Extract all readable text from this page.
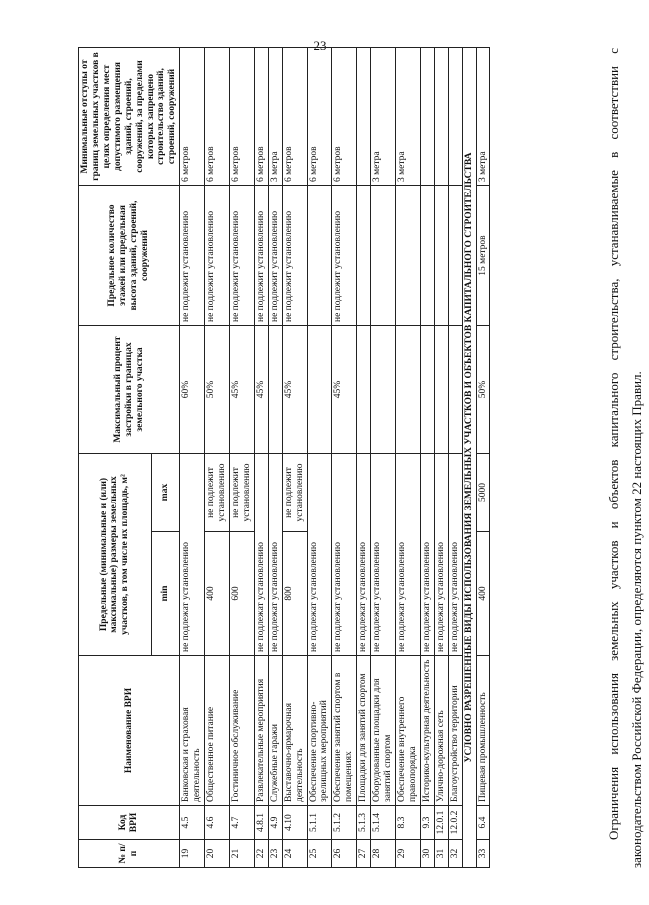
23
№ п/п	Код ВРИ	Наименование ВРИ	Предельные (минимальные и (или) максимальные) размеры земельных участков, в том числе их площадь, м²		Максимальный процент застройки в границах земельного участка	Предельное количество этажей или предельная высота зданий, строений, сооружений	Минимальные отступы от границ земельных участков в целях определения мест допустимого размещения зданий, строений, сооружений, за пределами которых запрещено строительство зданий, строений, сооружений
			min	max			
19	4.5	Банковская и страховая деятельность	не подлежат установлению		60%	не подлежит установлению	6 метров
20	4.6	Общественное питание	400	не подлежит установлению	50%	не подлежит установлению	6 метров
21	4.7	Гостиничное обслуживание	600	не подлежит установлению	45%	не подлежит установлению	6 метров
22	4.8.1	Развлекательные мероприятия	не подлежат установлению		45%	не подлежит установлению	6 метров
23	4.9	Служебные гаражи	не подлежат установлению			не подлежит установлению	3 метра
24	4.10	Выставочно-ярмарочная деятельность	800	не подлежит установлению	45%	не подлежит установлению	6 метров
25	5.1.1	Обеспечение спортивно-зрелищных мероприятий	не подлежат установлению				6 метров
26	5.1.2	Обеспечение занятий спортом в помещениях	не подлежат установлению		45%	не подлежит установлению	6 метров
27	5.1.3	Площадки для занятий спортом	не подлежат установлению				
28	5.1.4	Оборудованные площадки для занятий спортом	не подлежат установлению				3 метра
29	8.3	Обеспечение внутреннего правопорядка	не подлежат установлению				3 метра
30	9.3	Историко-культурная деятельность	не подлежат установлению				
31	12.0.1	Улично-дорожная сеть	не подлежат установлению				
32	12.0.2	Благоустройство территории	не подлежат установлению				
УСЛОВНО РАЗРЕШЕННЫЕ ВИДЫ ИСПОЛЬЗОВАНИЯ ЗЕМЕЛЬНЫХ УЧАСТКОВ И ОБЪЕКТОВ КАПИТАЛЬНОГО СТРОИТЕЛЬСТВА							
33	6.4	Пищевая промышленность	400	5000	50%	15 метров	3 метра	Ограничения использования земельных участков и объектов капитального строительства, устанавливаемые в соответствии с законодательством Российской Федерации, определяются пунктом 22 настоящих Правил.
